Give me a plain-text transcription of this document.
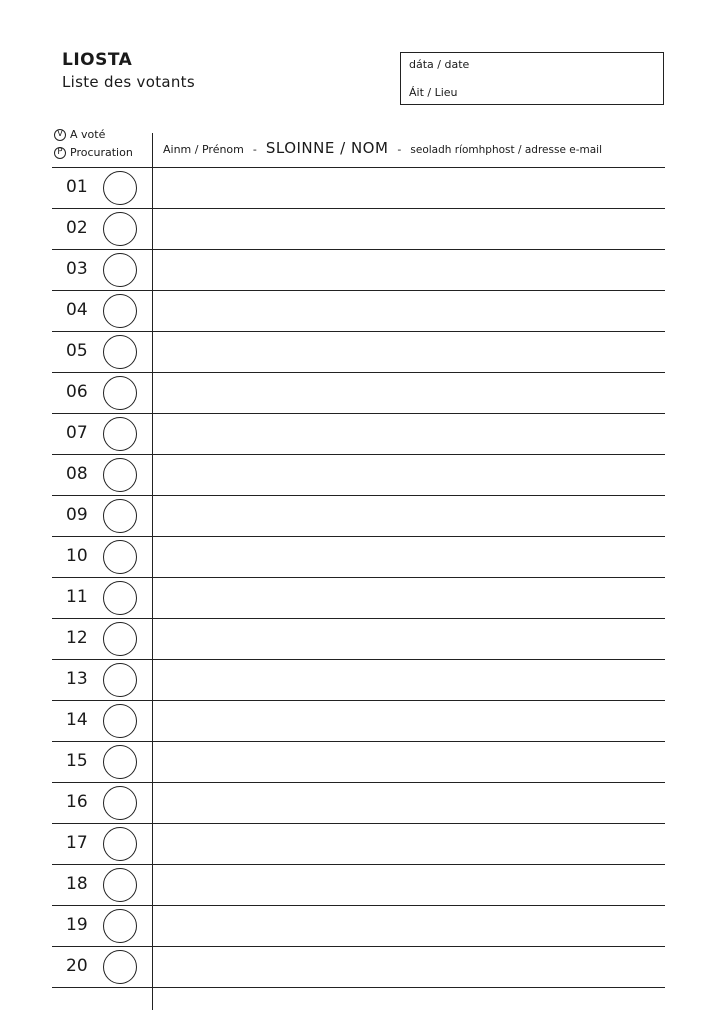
LIOSTA
Liste des votants
dáta / date
Áit / Lieu
V A voté
P Procuration	Ainm / Prénom - SLOINNE / NOM - seoladh ríomhphost / adresse e-mail
01
02
03
04
05
06
07
08
09
10
11
12
13
14
15
16
17
18
19
20
